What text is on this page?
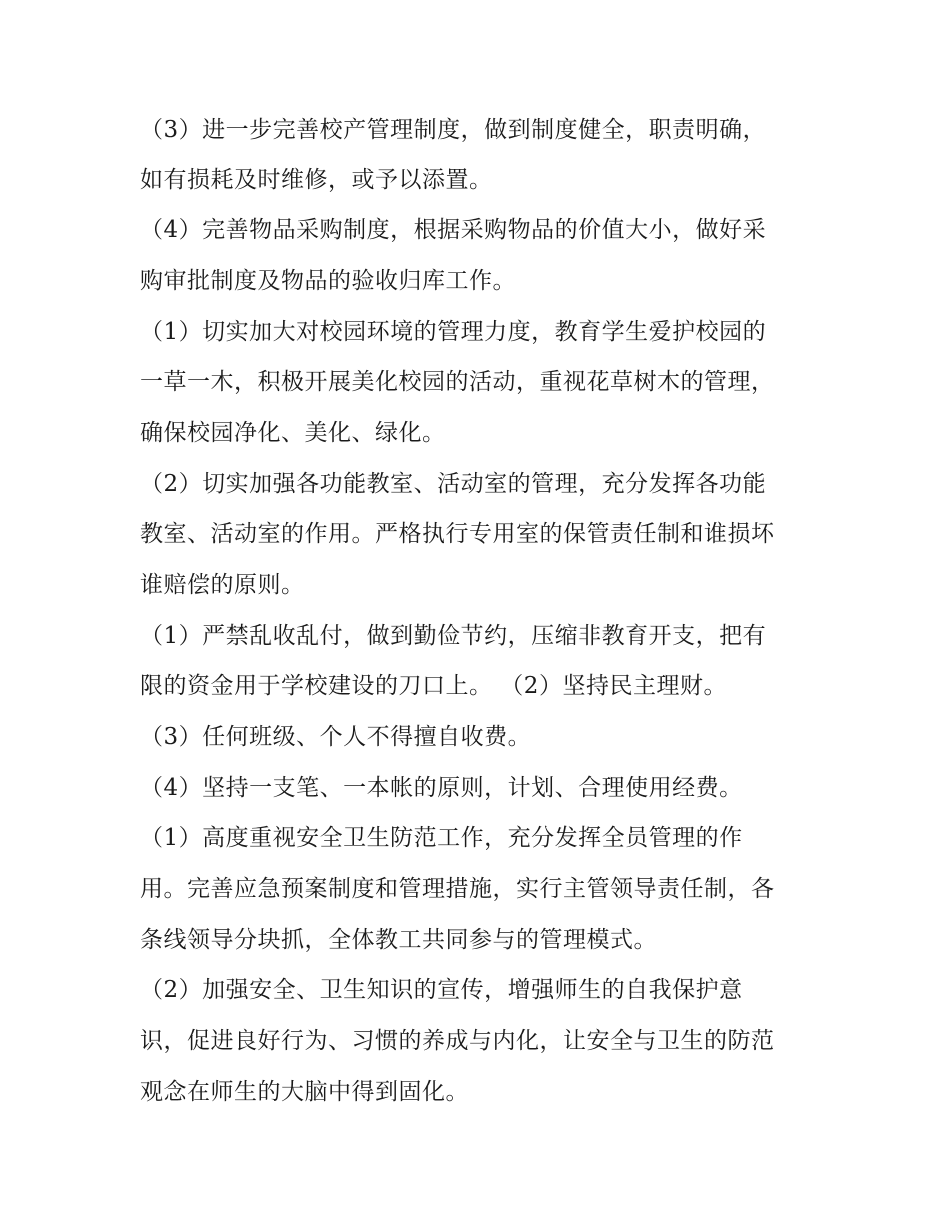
（3）进一步完善校产管理制度，做到制度健全，职责明确，
如有损耗及时维修，或予以添置。
（4）完善物品采购制度，根据采购物品的价值大小，做好采
购审批制度及物品的验收归库工作。
（1）切实加大对校园环境的管理力度，教育学生爱护校园的
一草一木，积极开展美化校园的活动，重视花草树木的管理，
确保校园净化、美化、绿化。
（2）切实加强各功能教室、活动室的管理，充分发挥各功能
教室、活动室的作用。严格执行专用室的保管责任制和谁损坏
谁赔偿的原则。
（1）严禁乱收乱付，做到勤俭节约，压缩非教育开支，把有
限的资金用于学校建设的刀口上。 （2）坚持民主理财。
（3）任何班级、个人不得擅自收费。
（4）坚持一支笔、一本帐的原则，计划、合理使用经费。
（1）高度重视安全卫生防范工作，充分发挥全员管理的作
用。完善应急预案制度和管理措施，实行主管领导责任制，各
条线领导分块抓，全体教工共同参与的管理模式。
（2）加强安全、卫生知识的宣传，增强师生的自我保护意
识，促进良好行为、习惯的养成与内化，让安全与卫生的防范
观念在师生的大脑中得到固化。
